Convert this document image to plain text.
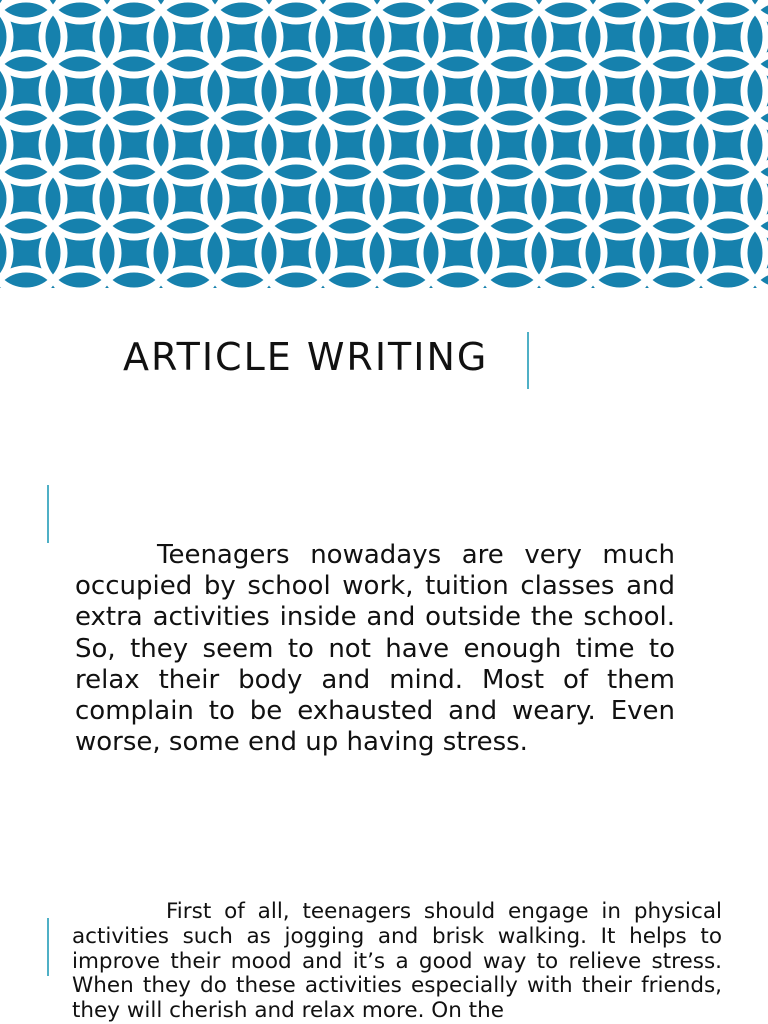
ARTICLE WRITING

Teenagers nowadays are very much occupied by school work, tuition classes and extra activities inside and outside the school. So, they seem to not have enough time to relax their body and mind. Most of them complain to be exhausted and weary. Even worse, some end up having stress.

First of all, teenagers should engage in physical activities such as jogging and brisk walking. It helps to improve their mood and it’s a good way to relieve stress. When they do these activities especially with their friends, they will cherish and relax more. On the
